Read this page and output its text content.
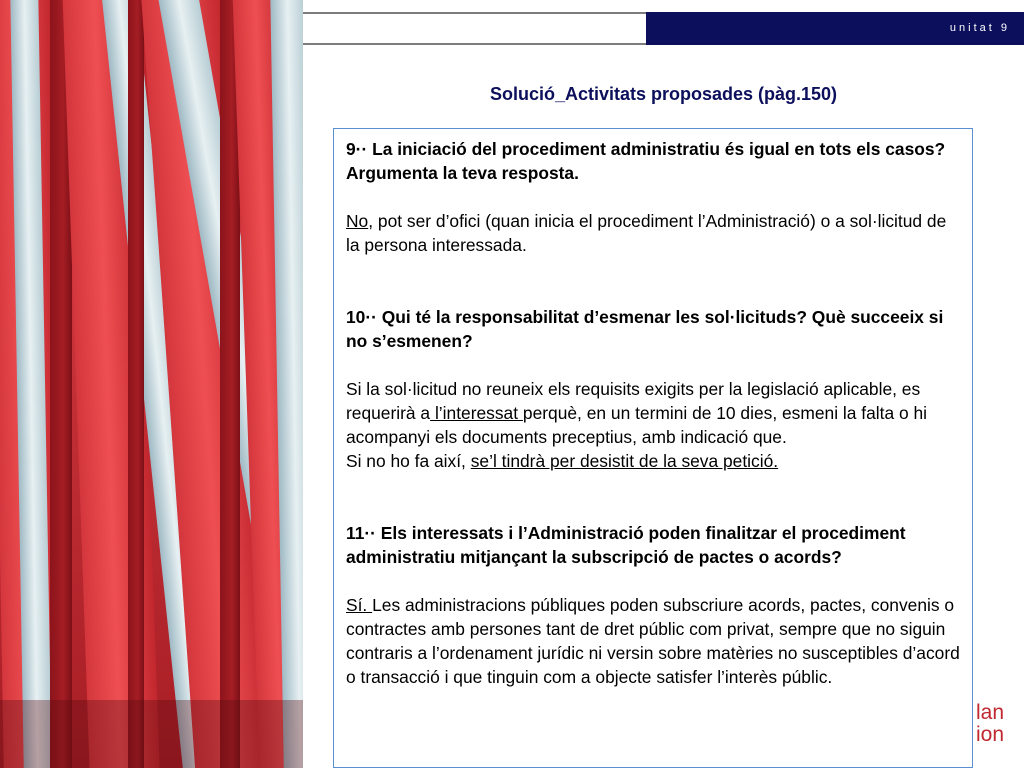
unitat 9
Solució_Activitats proposades (pàg.150)

9·· La iniciació del procediment administratiu és igual en tots els casos? Argumenta la teva resposta.

No, pot ser d’ofici (quan inicia el procediment l’Administració) o a sol·licitud de la persona interessada.

10·· Qui té la responsabilitat d’esmenar les sol·licituds? Què succeeix si no s’esmenen?

Si la sol·licitud no reuneix els requisits exigits per la legislació aplicable, es requerirà a l’interessat perquè, en un termini de 10 dies, esmeni la falta o hi acompanyi els documents preceptius, amb indicació que.

Si no ho fa així, se’l tindrà per desistit de la seva petició.

11·· Els interessats i l’Administració poden finalitzar el procediment administratiu mitjançant la subscripció de pactes o acords?

Sí. Les administracions públiques poden subscriure acords, pactes, convenis o contractes amb persones tant de dret públic com privat, sempre que no siguin contraris a l’ordenament jurídic ni versin sobre matèries no susceptibles d’acord o transacció i que tinguin com a objecte satisfer l’interès públic.

lan
ion
